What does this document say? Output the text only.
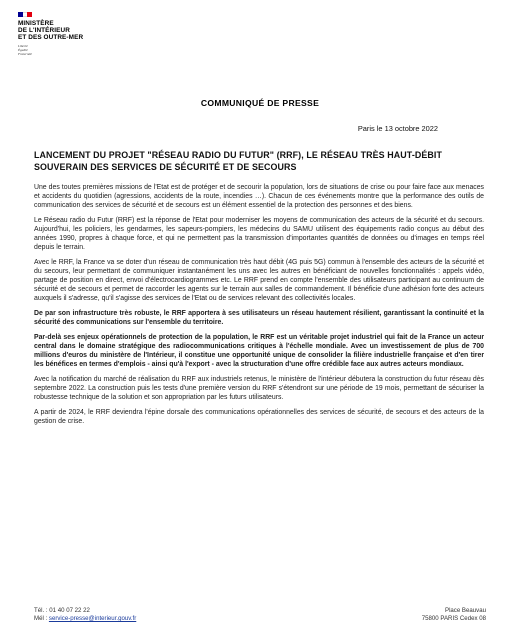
MINISTÈRE
DE L'INTÉRIEUR
ET DES OUTRE-MER
Liberté
Égalité
Fraternité
COMMUNIQUÉ DE PRESSE
Paris le 13 octobre 2022
LANCEMENT DU PROJET "RÉSEAU RADIO DU FUTUR" (RRF), LE RÉSEAU TRÈS HAUT-DÉBIT SOUVERAIN DES SERVICES DE SÉCURITÉ ET DE SECOURS

Une des toutes premières missions de l'Etat est de protéger et de secourir la population, lors de situations de crise ou pour faire face aux menaces et accidents du quotidien (agressions, accidents de la route, incendies …). Chacun de ces événements montre que la performance des outils de communication des services de sécurité et de secours est un élément essentiel de la protection des personnes et des biens.

Le Réseau radio du Futur (RRF) est la réponse de l'Etat pour moderniser les moyens de communication des acteurs de la sécurité et du secours. Aujourd'hui, les policiers, les gendarmes, les sapeurs-pompiers, les médecins du SAMU utilisent des équipements radio conçus au début des années 1990, propres à chaque force, et qui ne permettent pas la transmission d'importantes quantités de données ou d'images en temps réel depuis le terrain.

Avec le RRF, la France va se doter d'un réseau de communication très haut débit (4G puis 5G) commun à l'ensemble des acteurs de la sécurité et du secours, leur permettant de communiquer instantanément les uns avec les autres en bénéficiant de nouvelles fonctionnalités : appels vidéo, partage de position en direct, envoi d'électrocardiogrammes etc. Le RRF prend en compte l'ensemble des utilisateurs participant au continuum de sécurité et de secours et permet de raccorder les agents sur le terrain aux salles de commandement. Il bénéficie d'une adhésion forte des acteurs auxquels il s'adresse, qu'il s'agisse des services de l'Etat ou de services relevant des collectivités locales.

De par son infrastructure très robuste, le RRF apportera à ses utilisateurs un réseau hautement résilient, garantissant la continuité et la sécurité des communications sur l'ensemble du territoire.

Par-delà ses enjeux opérationnels de protection de la population, le RRF est un véritable projet industriel qui fait de la France un acteur central dans le domaine stratégique des radiocommunications critiques à l'échelle mondiale. Avec un investissement de plus de 700 millions d'euros du ministère de l'Intérieur, il constitue une opportunité unique de consolider la filière industrielle française et d'en tirer les bénéfices en termes d'emplois - ainsi qu'à l'export - avec la structuration d'une offre crédible face aux autres acteurs mondiaux.

Avec la notification du marché de réalisation du RRF aux industriels retenus, le ministère de l'intérieur débutera la construction du futur réseau dès septembre 2022. La construction puis les tests d'une première version du RRF s'étendront sur une période de 19 mois, permettant de sécuriser la robustesse technique de la solution et son appropriation par les futurs utilisateurs.

A partir de 2024, le RRF deviendra l'épine dorsale des communications opérationnelles des services de sécurité, de secours et des acteurs de la gestion de crise.

Tél. : 01 40 07 22 22
Mél : service-presse@interieur.gouv.fr
Place Beauvau
75800 PARIS Cedex 08
